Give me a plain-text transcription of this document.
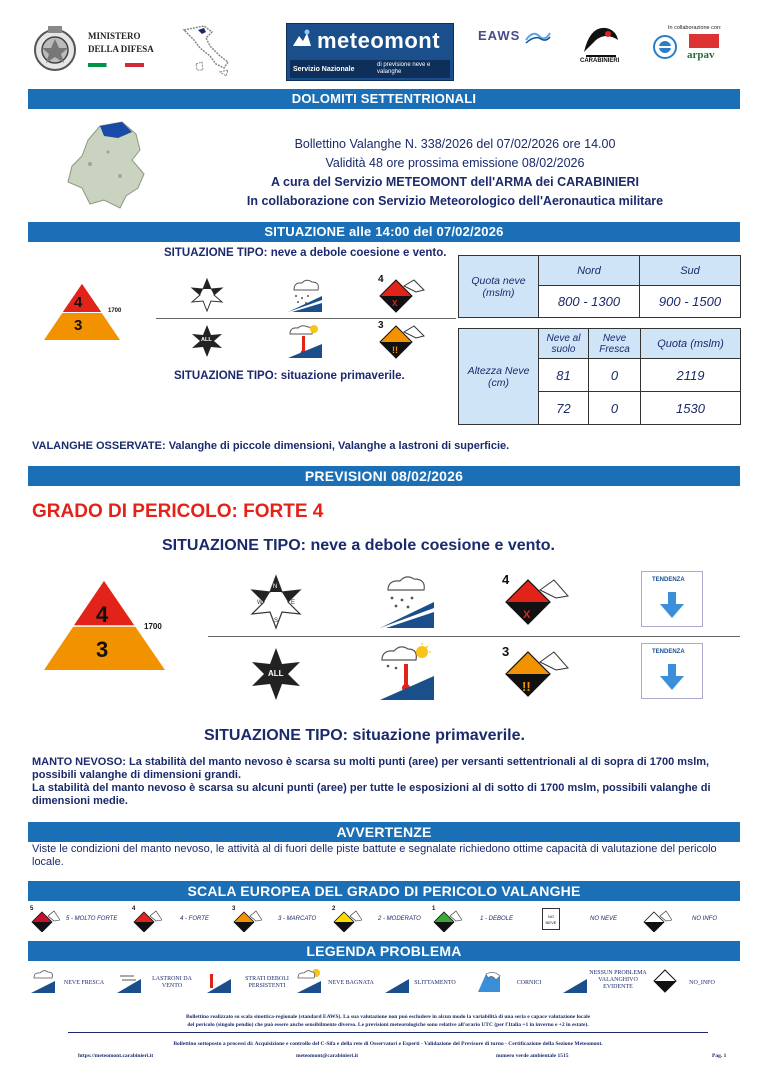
MINISTERO
DELLA DIFESA	meteomont
Servizio Nazionale
di previsione neve e valanghe
EAWS
CARABINIERI
In collaborazione con:
arpav
DOLOMITI SETTENTRIONALI
Bollettino Valanghe N. 338/2026 del 07/02/2026 ore 14.00
Validità 48 ore prossima emissione 08/02/2026
A cura del Servizio METEOMONT dell'ARMA dei CARABINIERI
In collaborazione con Servizio Meteorologico dell'Aeronautica militare
SITUAZIONE alle 14:00 del 07/02/2026
4
3
1700
SITUAZIONE TIPO: neve a debole coesione e vento.
X
4
ALL
!!
3
SITUAZIONE TIPO: situazione primaverile.
Quota neve (mslm)	Nord	Sud
	800 - 1300	900 - 1500
Altezza Neve (cm)	Neve al suolo	Neve Fresca	Quota (mslm)
	81	0	2119
	72	0	1530
VALANGHE OSSERVATE: Valanghe di piccole dimensioni, Valanghe a lastroni di superficie.
PREVISIONI 08/02/2026
GRADO DI PERICOLO: FORTE 4
SITUAZIONE TIPO: neve a debole coesione e vento.
4
3
1700
N
W	E
S	X
4	TENDENZA
ALL
!!
3	TENDENZA
SITUAZIONE TIPO: situazione primaverile.
MANTO NEVOSO: La stabilità del manto nevoso è scarsa su molti punti (aree) per versanti settentrionali al di sopra di 1700 mslm, possibili valanghe di dimensioni grandi.
La stabilità del manto nevoso è scarsa su alcuni punti (aree) per tutte le esposizioni al di sotto di 1700 mslm, possibili valanghe di dimensioni medie.
AVVERTENZE
Viste le condizioni del manto nevoso, le attività al di fuori delle piste battute e segnalate richiedono ottime capacità di valutazione del pericolo locale.
SCALA EUROPEA DEL GRADO DI PERICOLO VALANGHE
5
5 - MOLTO FORTE
4
4 - FORTE
3
3 - MARCATO
2
2 - MODERATO
1
1 - DEBOLE	NO NEVE
NO NEVE	NO INFO
LEGENDA PROBLEMA
NEVE FRESCA
LASTRONI DA VENTO
STRATI DEBOLI PERSISTENTI	NEVE BAGNATA	SLITTAMENTO	CORNICI
NESSUN PROBLEMA VALANGHIVO EVIDENTE
NO_INFO
Bollettino realizzato su scala sinottica-regionale (standard EAWS). La sua valutazione non può escludere in alcun modo la variabilità di una seria e capace valutazione locale
del pericolo (singolo pendio) che può essere anche sensibilmente diverso. Le previsioni meteorologiche sono relative all'orario UTC (per l'Italia +1 in inverno e +2 in estate).
Bollettino sottoposto a processi di: Acquisizione e controllo del C-Sifa e della rete di Osservatori e Esperti - Validazione del Previsore di turno - Certificazione della Sezione Meteomont.
https://meteomont.carabinieri.it	meteomont@carabinieri.it	numero verde ambientale 1515	Pag. 1
